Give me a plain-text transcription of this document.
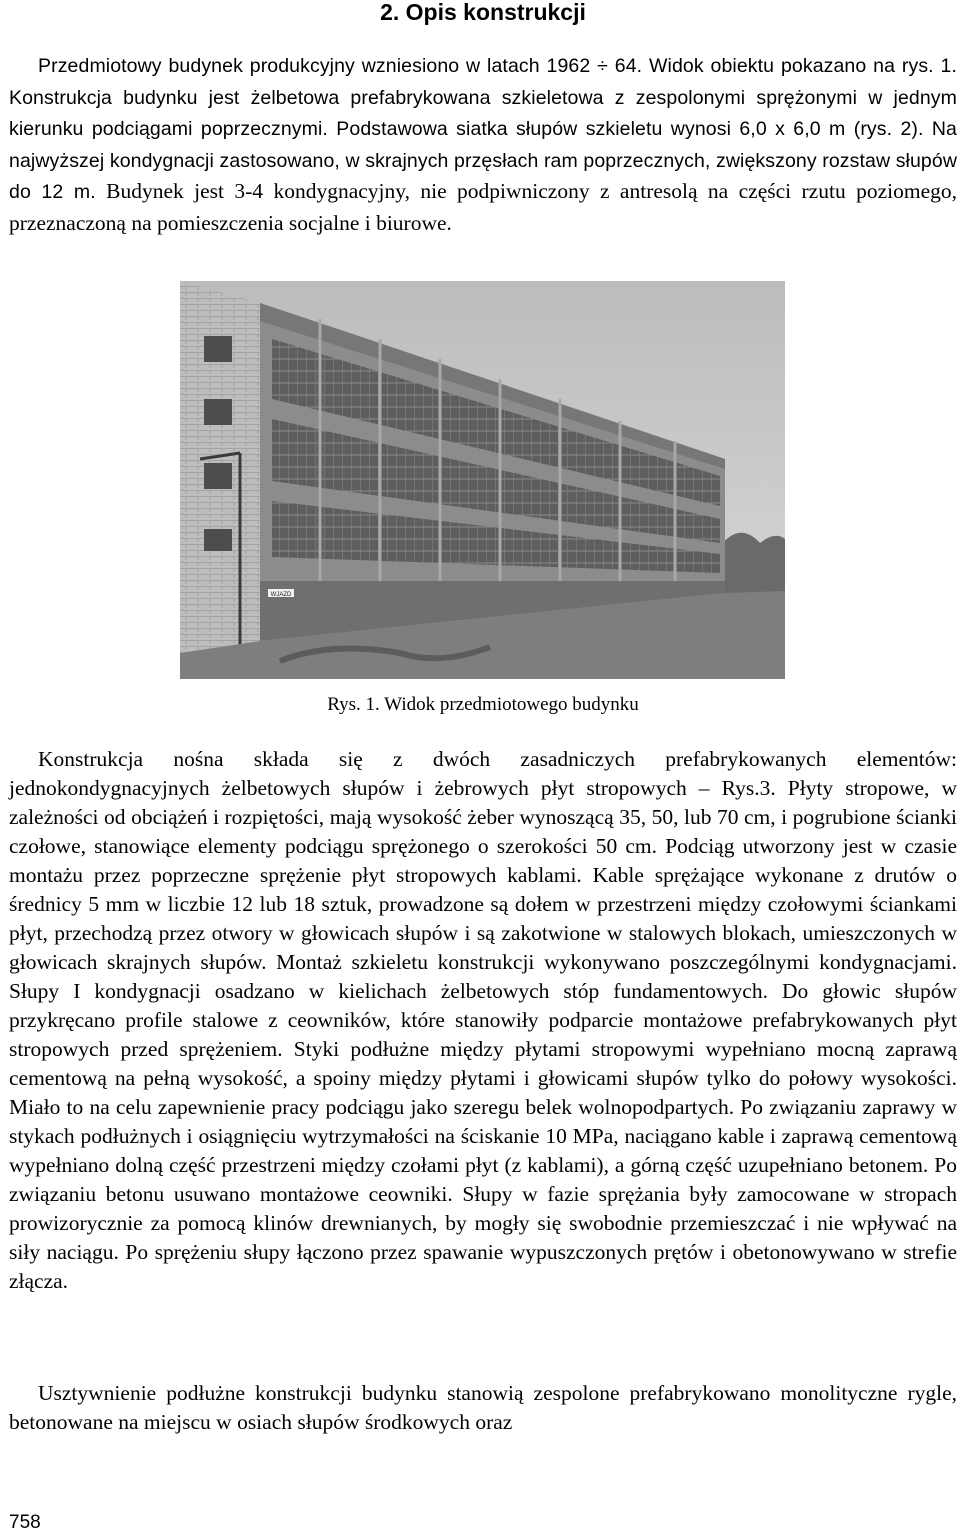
2. Opis konstrukcji

Przedmiotowy budynek produkcyjny wzniesiono w latach 1962 ÷ 64. Widok obiektu pokazano na rys. 1. Konstrukcja budynku jest żelbetowa prefabrykowana szkieletowa z zespolonymi sprężonymi w jednym kierunku podciągami poprzecznymi. Podstawowa siatka słupów szkieletu wynosi 6,0 x 6,0 m (rys. 2). Na najwyższej kondygnacji zastosowano, w skrajnych przęsłach ram poprzecznych, zwiększony rozstaw słupów do 12 m. Budynek jest 3-4 kondygnacyjny, nie podpiwniczony z antresolą na części rzutu poziomego, przeznaczoną na pomieszczenia socjalne i biurowe.

WJAZD
Rys. 1. Widok przedmiotowego budynku

Konstrukcja nośna składa się z dwóch zasadniczych prefabrykowanych elementów: jednokondygnacyjnych żelbetowych słupów i żebrowych płyt stropowych – Rys.3. Płyty stropowe, w zależności od obciążeń i rozpiętości, mają wysokość żeber wynoszącą 35, 50, lub 70 cm, i pogrubione ścianki czołowe, stanowiące elementy podciągu sprężonego o szerokości 50 cm. Podciąg utworzony jest w czasie montażu przez poprzeczne sprężenie płyt stropowych kablami. Kable sprężające wykonane z drutów o średnicy 5 mm w liczbie 12 lub 18 sztuk, prowadzone są dołem w przestrzeni między czołowymi ściankami płyt, przechodzą przez otwory w głowicach słupów i są zakotwione w stalowych blokach, umieszczonych w głowicach skrajnych słupów. Montaż szkieletu konstrukcji wykonywano poszczególnymi kondygnacjami. Słupy I kondygnacji osadzano w kielichach żelbetowych stóp fundamentowych. Do głowic słupów przykręcano profile stalowe z ceowników, które stanowiły podparcie montażowe prefabrykowanych płyt stropowych przed sprężeniem. Styki podłużne między płytami stropowymi wypełniano mocną zaprawą cementową na pełną wysokość, a spoiny między płytami i głowicami słupów tylko do połowy wysokości. Miało to na celu zapewnienie pracy podciągu jako szeregu belek wolnopodpartych. Po związaniu zaprawy w stykach podłużnych i osiągnięciu wytrzymałości na ściskanie 10 MPa, naciągano kable i zaprawą cementową wypełniano dolną część przestrzeni między czołami płyt (z kablami), a górną część uzupełniano betonem. Po związaniu betonu usuwano montażowe ceowniki. Słupy w fazie sprężania były zamocowane w stropach prowizorycznie za pomocą klinów drewnianych, by mogły się swobodnie przemieszczać i nie wpływać na siły naciągu. Po sprężeniu słupy łączono przez spawanie wypuszczonych prętów i obetonowywano w strefie złącza.

Usztywnienie podłużne konstrukcji budynku stanowią zespolone prefabrykowano monolityczne rygle, betonowane na miejscu w osiach słupów środkowych oraz

758
